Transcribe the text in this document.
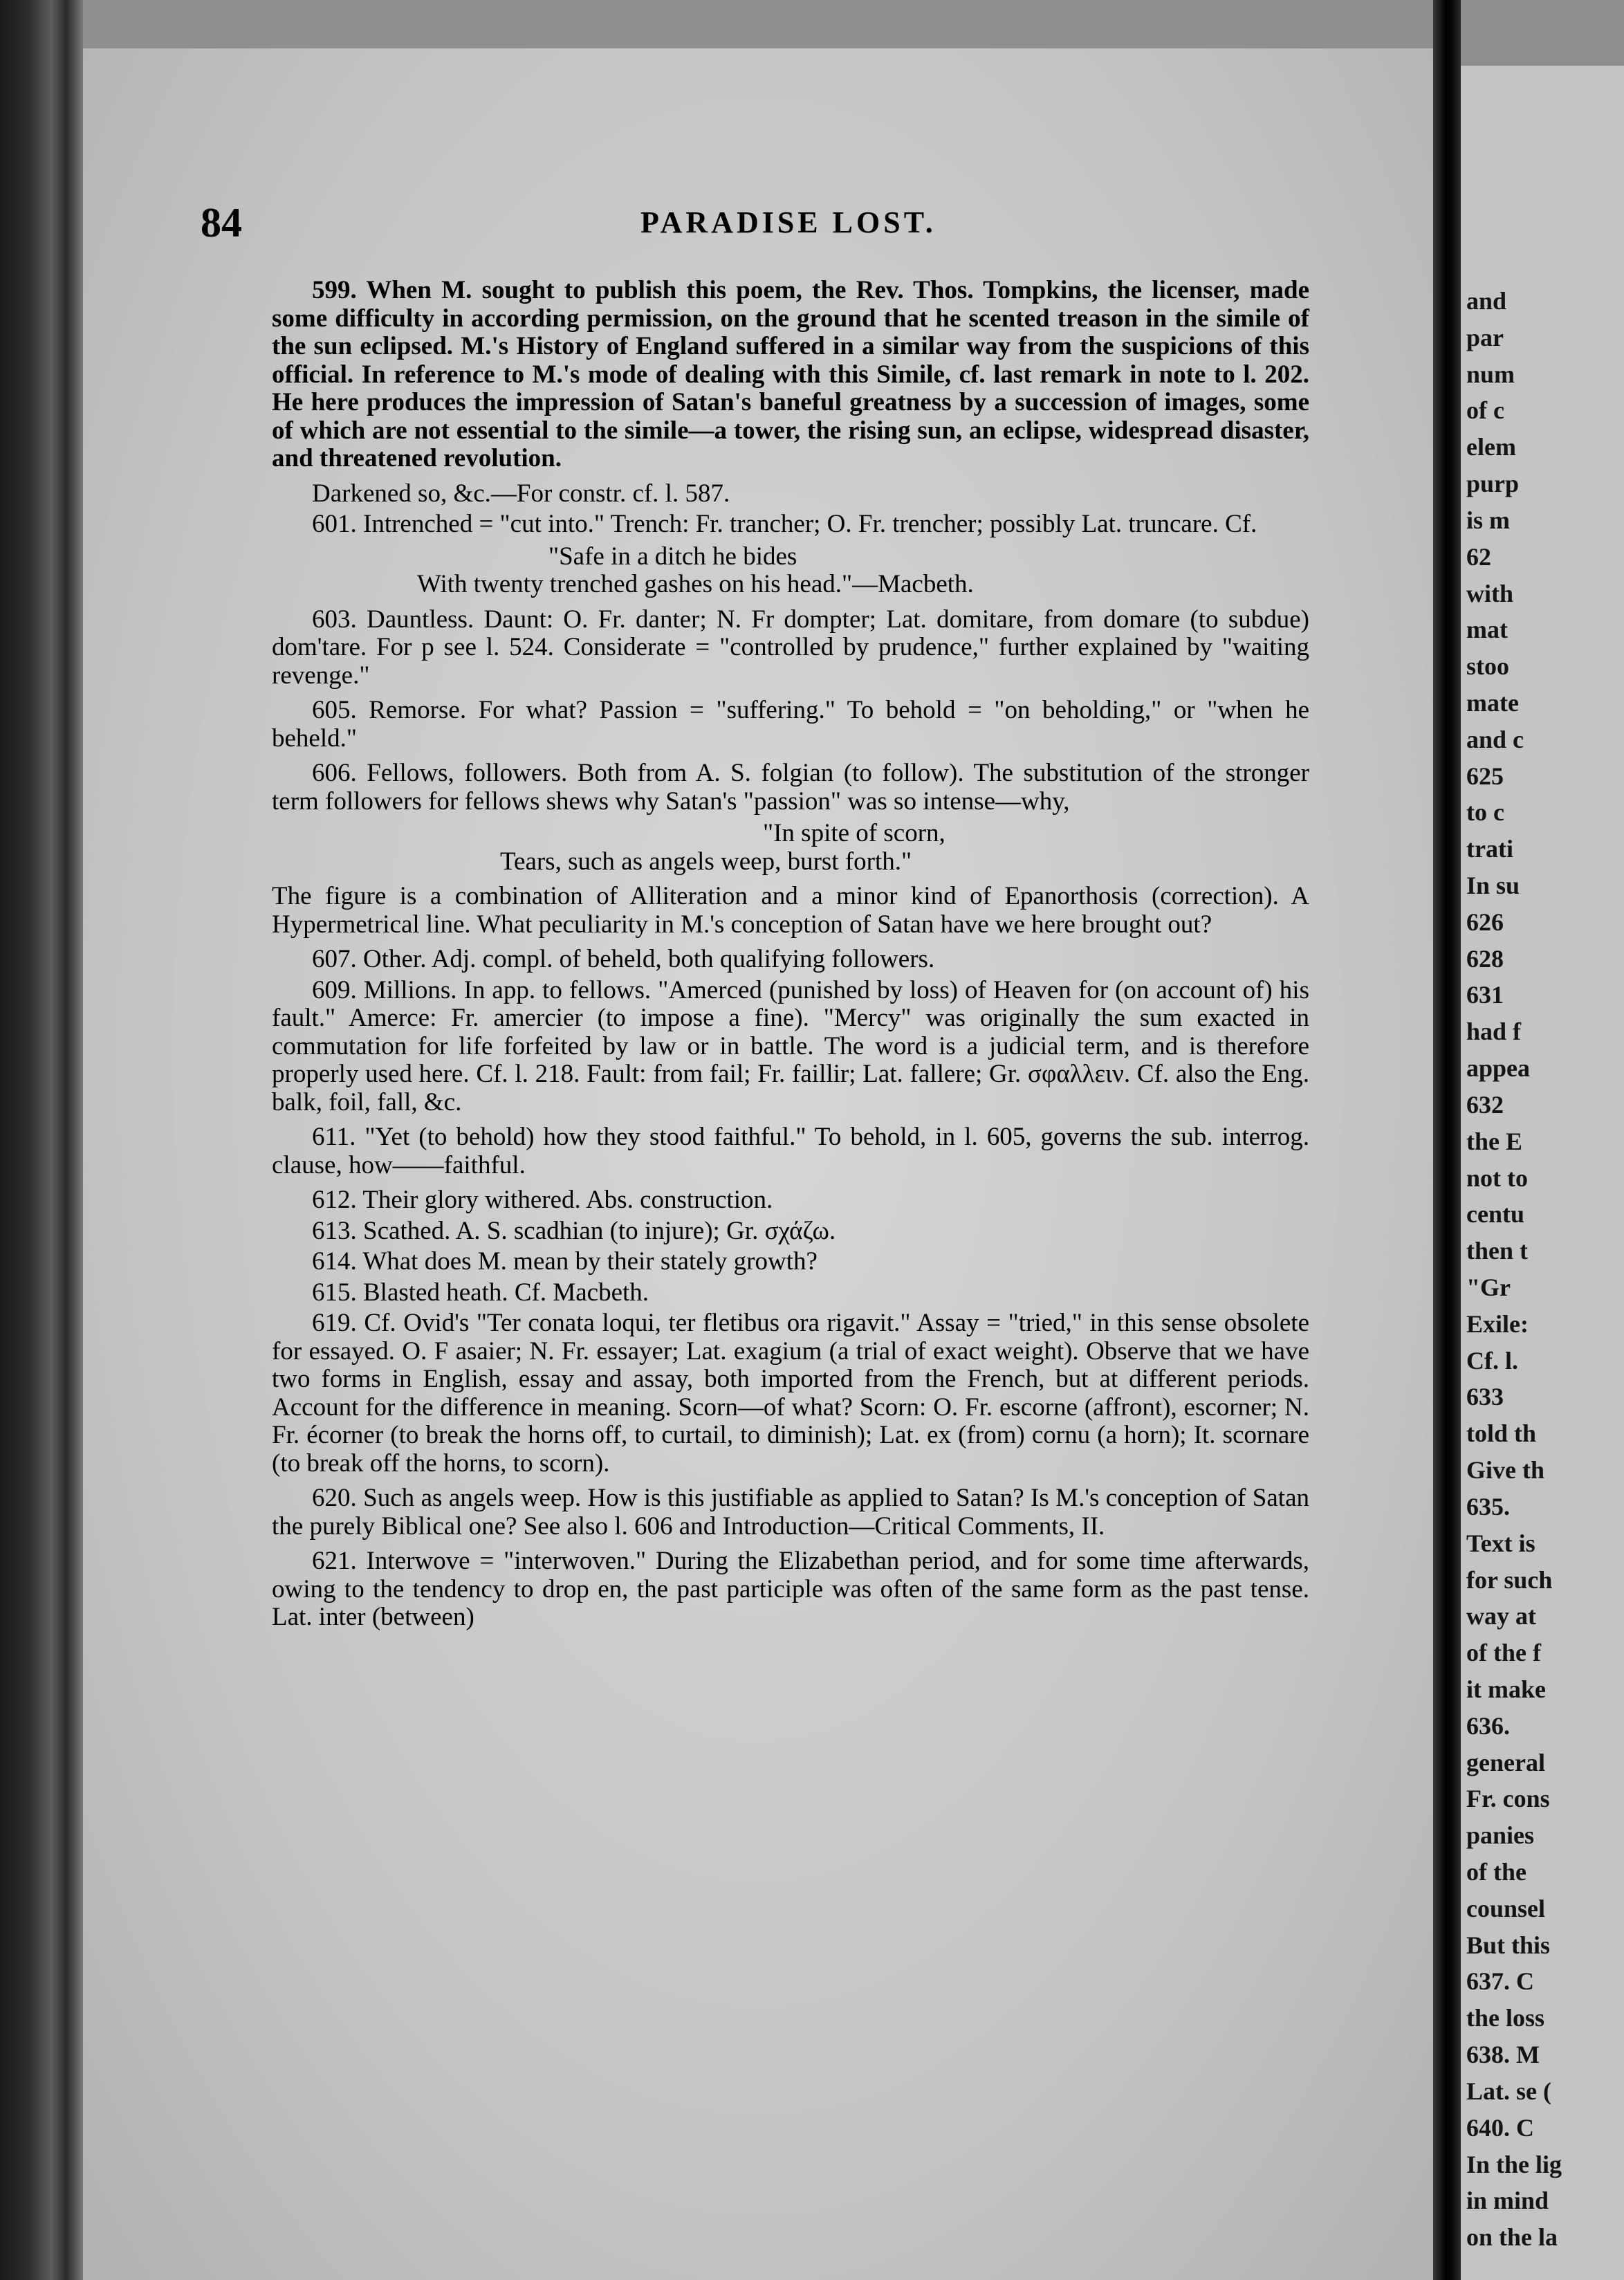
84	PARADISE LOST.

599. When M. sought to publish this poem, the Rev. Thos. Tompkins, the licenser, made some difficulty in according permission, on the ground that he scented treason in the simile of the sun eclipsed. M.'s History of England suffered in a similar way from the suspicions of this official. In reference to M.'s mode of dealing with this Simile, cf. last remark in note to l. 202. He here produces the impression of Satan's baneful greatness by a succession of images, some of which are not essential to the simile—a tower, the rising sun, an eclipse, widespread disaster, and threatened revolution.

Darkened so, &c.—For constr. cf. l. 587.

601. Intrenched = "cut into." Trench: Fr. trancher; O. Fr. trencher; possibly Lat. truncare. Cf.

"Safe in a ditch he bides
With twenty trenched gashes on his head."—Macbeth.

603. Dauntless. Daunt: O. Fr. danter; N. Fr dompter; Lat. domitare, from domare (to subdue) dom'tare. For p see l. 524. Considerate = "controlled by prudence," further explained by "waiting revenge."

605. Remorse. For what? Passion = "suffering." To behold = "on beholding," or "when he beheld."

606. Fellows, followers. Both from A. S. folgian (to follow). The substitution of the stronger term followers for fellows shews why Satan's "passion" was so intense—why,

"In spite of scorn,
Tears, such as angels weep, burst forth."

The figure is a combination of Alliteration and a minor kind of Epanorthosis (correction). A Hypermetrical line. What peculiarity in M.'s conception of Satan have we here brought out?

607. Other. Adj. compl. of beheld, both qualifying followers.

609. Millions. In app. to fellows. "Amerced (punished by loss) of Heaven for (on account of) his fault." Amerce: Fr. amercier (to impose a fine). "Mercy" was originally the sum exacted in commutation for life forfeited by law or in battle. The word is a judicial term, and is therefore properly used here. Cf. l. 218. Fault: from fail; Fr. faillir; Lat. fallere; Gr. σφαλλειν. Cf. also the Eng. balk, foil, fall, &c.

611. "Yet (to behold) how they stood faithful." To behold, in l. 605, governs the sub. interrog. clause, how——faithful.

612. Their glory withered. Abs. construction.

613. Scathed. A. S. scadhian (to injure); Gr. σχάζω.

614. What does M. mean by their stately growth?

615. Blasted heath. Cf. Macbeth.

619. Cf. Ovid's "Ter conata loqui, ter fletibus ora rigavit." Assay = "tried," in this sense obsolete for essayed. O. F asaier; N. Fr. essayer; Lat. exagium (a trial of exact weight). Observe that we have two forms in English, essay and assay, both imported from the French, but at different periods. Account for the difference in meaning. Scorn—of what? Scorn: O. Fr. escorne (affront), escorner; N. Fr. écorner (to break the horns off, to curtail, to diminish); Lat. ex (from) cornu (a horn); It. scornare (to break off the horns, to scorn).

620. Such as angels weep. How is this justifiable as applied to Satan? Is M.'s conception of Satan the purely Biblical one? See also l. 606 and Introduction—Critical Comments, II.

621. Interwove = "interwoven." During the Elizabethan period, and for some time afterwards, owing to the tendency to drop en, the past participle was often of the same form as the past tense. Lat. inter (between)

and
par
num
of c
elem
purp
is m
62
with
mat
stoo
mate
and c
625
to c
trati
In su
626
628
631
had f
appea
632
the E
not to
centu
then t
"Gr
Exile:
Cf. l.
633
told th
Give th
635.
Text is
for such
way at
of the f
it make
636.
general
Fr. cons
panies
of the
counsel
But this
637. C
the loss
638. M
Lat. se (
640. C
In the lig
in mind
on the la
